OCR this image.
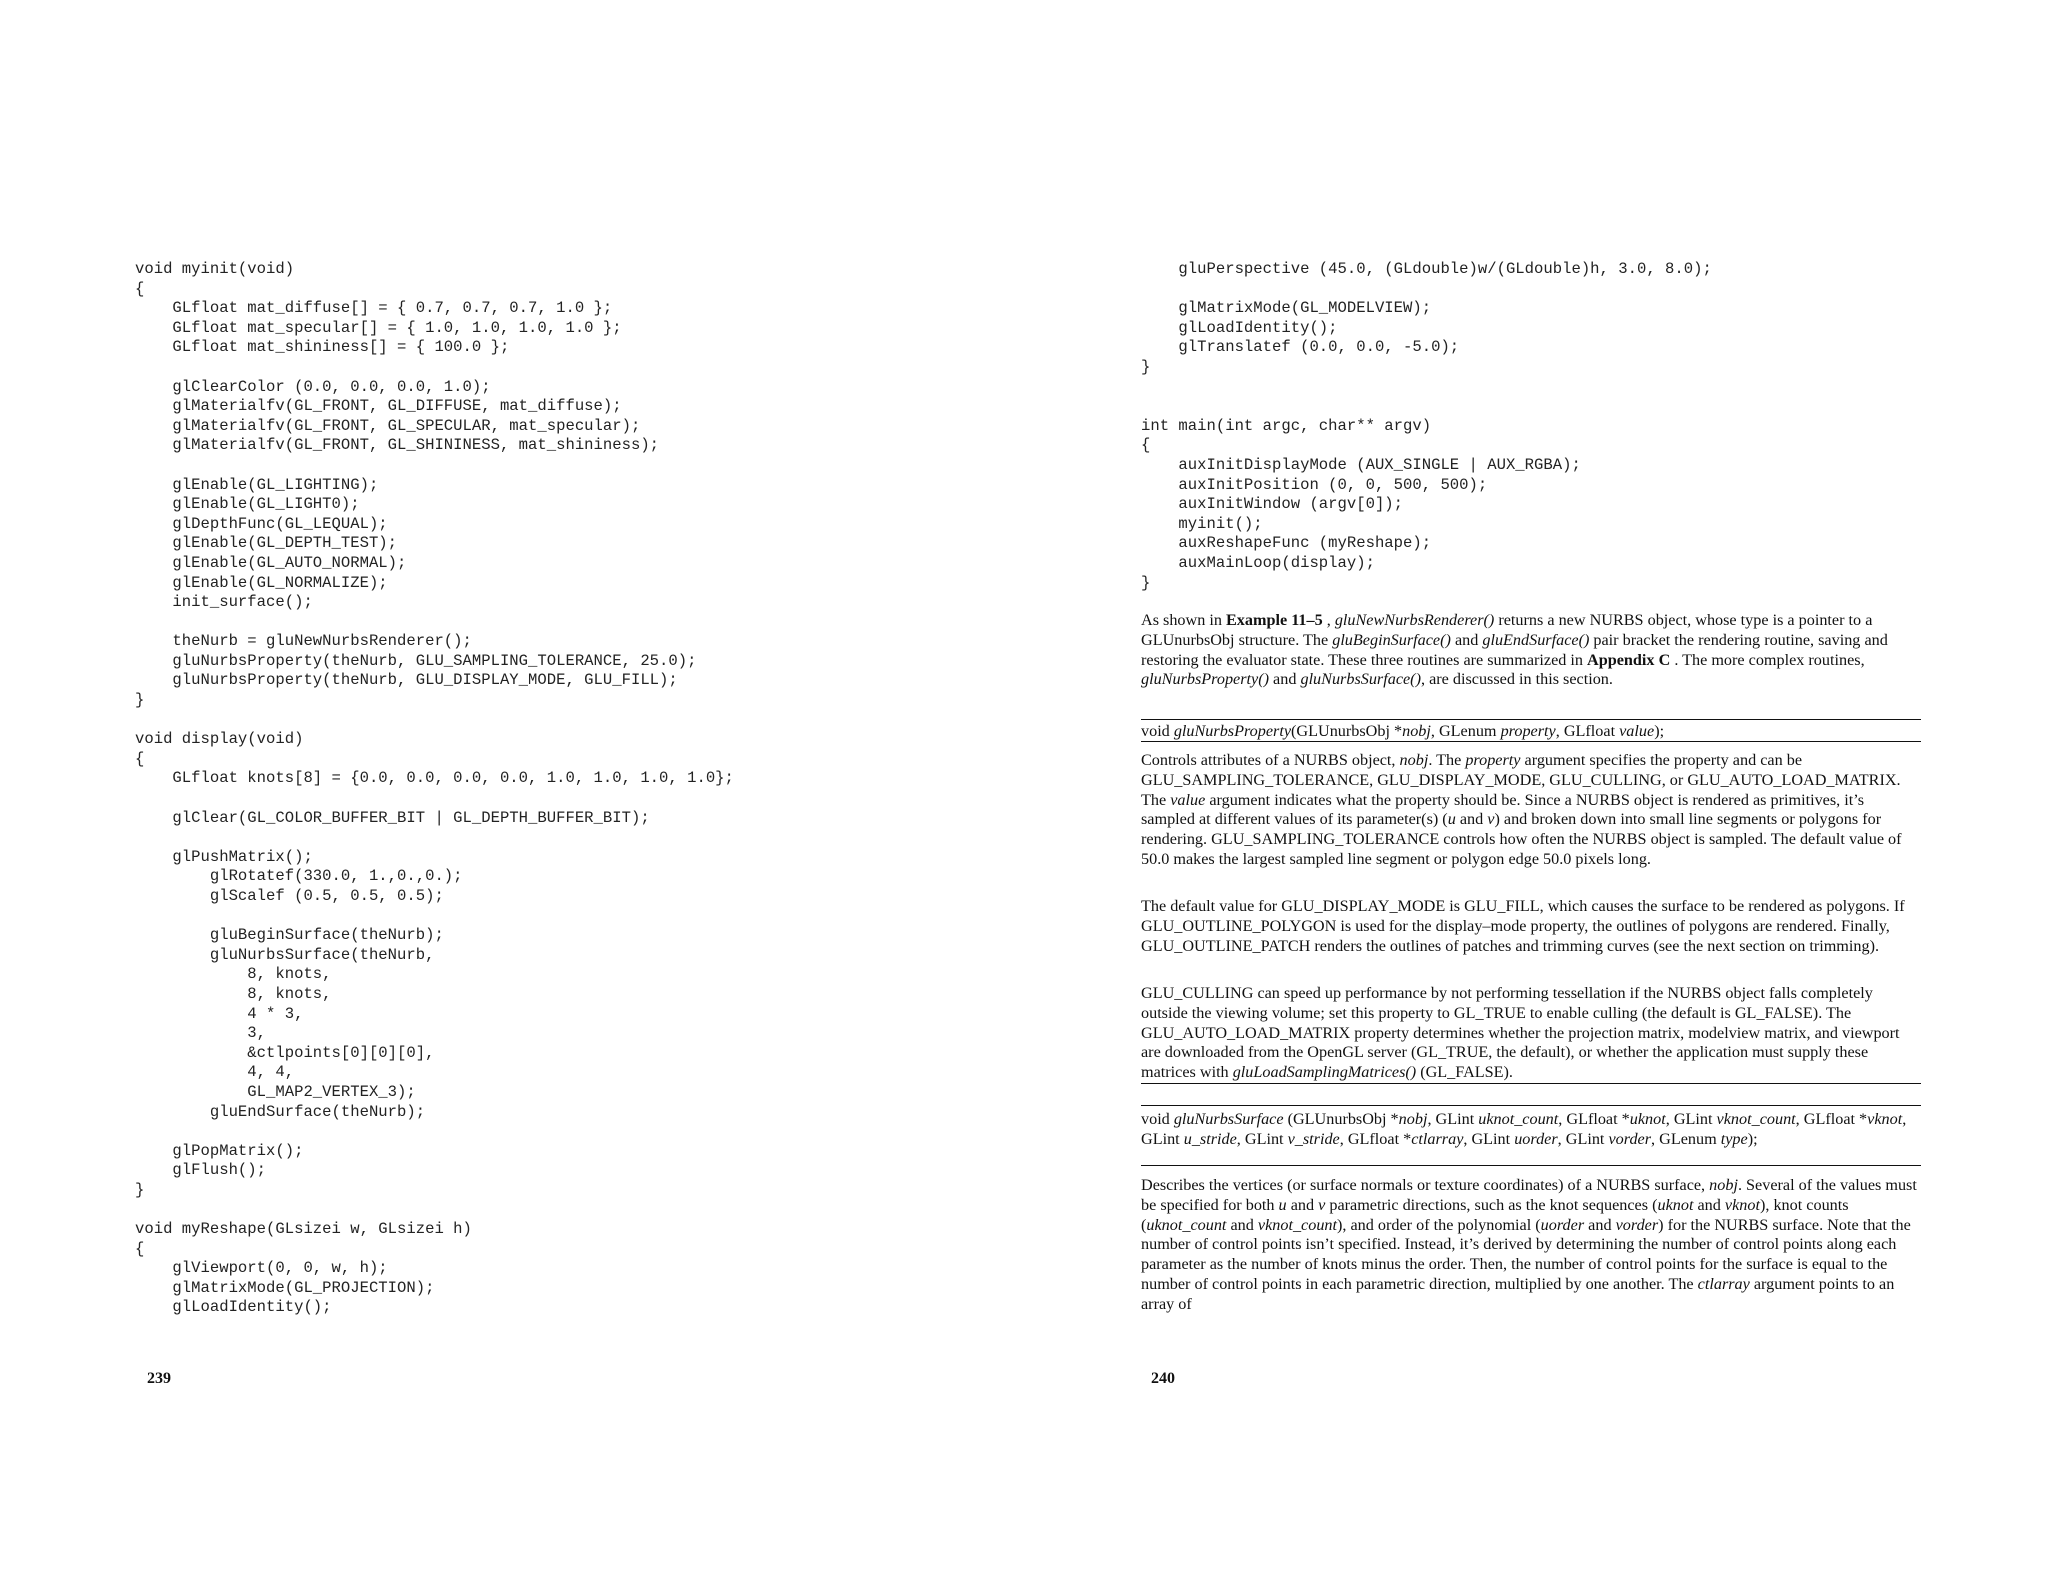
void myinit(void)
{
GLfloat mat_diffuse[] = { 0.7, 0.7, 0.7, 1.0 };
GLfloat mat_specular[] = { 1.0, 1.0, 1.0, 1.0 };
GLfloat mat_shininess[] = { 100.0 };

glClearColor (0.0, 0.0, 0.0, 1.0);
glMaterialfv(GL_FRONT, GL_DIFFUSE, mat_diffuse);
glMaterialfv(GL_FRONT, GL_SPECULAR, mat_specular);
glMaterialfv(GL_FRONT, GL_SHININESS, mat_shininess);

glEnable(GL_LIGHTING);
glEnable(GL_LIGHT0);
glDepthFunc(GL_LEQUAL);
glEnable(GL_DEPTH_TEST);
glEnable(GL_AUTO_NORMAL);
glEnable(GL_NORMALIZE);
init_surface();

theNurb = gluNewNurbsRenderer();
gluNurbsProperty(theNurb, GLU_SAMPLING_TOLERANCE, 25.0);
gluNurbsProperty(theNurb, GLU_DISPLAY_MODE, GLU_FILL);
}

void display(void)
{
GLfloat knots[8] = {0.0, 0.0, 0.0, 0.0, 1.0, 1.0, 1.0, 1.0};

glClear(GL_COLOR_BUFFER_BIT | GL_DEPTH_BUFFER_BIT);

glPushMatrix();
glRotatef(330.0, 1.,0.,0.);
glScalef (0.5, 0.5, 0.5);

gluBeginSurface(theNurb);
gluNurbsSurface(theNurb,
8, knots,
8, knots,
4 * 3,
3,
&ctlpoints[0][0][0],
4, 4,
GL_MAP2_VERTEX_3);
gluEndSurface(theNurb);

glPopMatrix();
glFlush();
}

void myReshape(GLsizei w, GLsizei h)
{
glViewport(0, 0, w, h);
glMatrixMode(GL_PROJECTION);
glLoadIdentity();
239
gluPerspective (45.0, (GLdouble)w/(GLdouble)h, 3.0, 8.0);

glMatrixMode(GL_MODELVIEW);
glLoadIdentity();
glTranslatef (0.0, 0.0, -5.0);
}

int main(int argc, char** argv)
{
auxInitDisplayMode (AUX_SINGLE | AUX_RGBA);
auxInitPosition (0, 0, 500, 500);
auxInitWindow (argv[0]);
myinit();
auxReshapeFunc (myReshape);
auxMainLoop(display);
}

As shown in Example 11–5 , gluNewNurbsRenderer() returns a new NURBS object, whose type is a pointer to a GLUnurbsObj structure. The gluBeginSurface() and gluEndSurface() pair bracket the rendering routine, saving and restoring the evaluator state. These three routines are summarized in Appendix C . The more complex routines, gluNurbsProperty() and gluNurbsSurface(), are discussed in this section.

void gluNurbsProperty(GLUnurbsObj *nobj, GLenum property, GLfloat value);

Controls attributes of a NURBS object, nobj. The property argument specifies the property and can be GLU_SAMPLING_TOLERANCE, GLU_DISPLAY_MODE, GLU_CULLING, or GLU_AUTO_LOAD_MATRIX. The value argument indicates what the property should be. Since a NURBS object is rendered as primitives, it’s sampled at different values of its parameter(s) (u and v) and broken down into small line segments or polygons for rendering. GLU_SAMPLING_TOLERANCE controls how often the NURBS object is sampled. The default value of 50.0 makes the largest sampled line segment or polygon edge 50.0 pixels long.

The default value for GLU_DISPLAY_MODE is GLU_FILL, which causes the surface to be rendered as polygons. If GLU_OUTLINE_POLYGON is used for the display–mode property, the outlines of polygons are rendered. Finally, GLU_OUTLINE_PATCH renders the outlines of patches and trimming curves (see the next section on trimming).

GLU_CULLING can speed up performance by not performing tessellation if the NURBS object falls completely outside the viewing volume; set this property to GL_TRUE to enable culling (the default is GL_FALSE). The GLU_AUTO_LOAD_MATRIX property determines whether the projection matrix, modelview matrix, and viewport are downloaded from the OpenGL server (GL_TRUE, the default), or whether the application must supply these matrices with gluLoadSamplingMatrices() (GL_FALSE).

void gluNurbsSurface (GLUnurbsObj *nobj, GLint uknot_count, GLfloat *uknot, GLint vknot_count, GLfloat *vknot, GLint u_stride, GLint v_stride, GLfloat *ctlarray, GLint uorder, GLint vorder, GLenum type);

Describes the vertices (or surface normals or texture coordinates) of a NURBS surface, nobj. Several of the values must be specified for both u and v parametric directions, such as the knot sequences (uknot and vknot), knot counts (uknot_count and vknot_count), and order of the polynomial (uorder and vorder) for the NURBS surface. Note that the number of control points isn’t specified. Instead, it’s derived by determining the number of control points along each parameter as the number of knots minus the order. Then, the number of control points for the surface is equal to the number of control points in each parametric direction, multiplied by one another. The ctlarray argument points to an array of

240
